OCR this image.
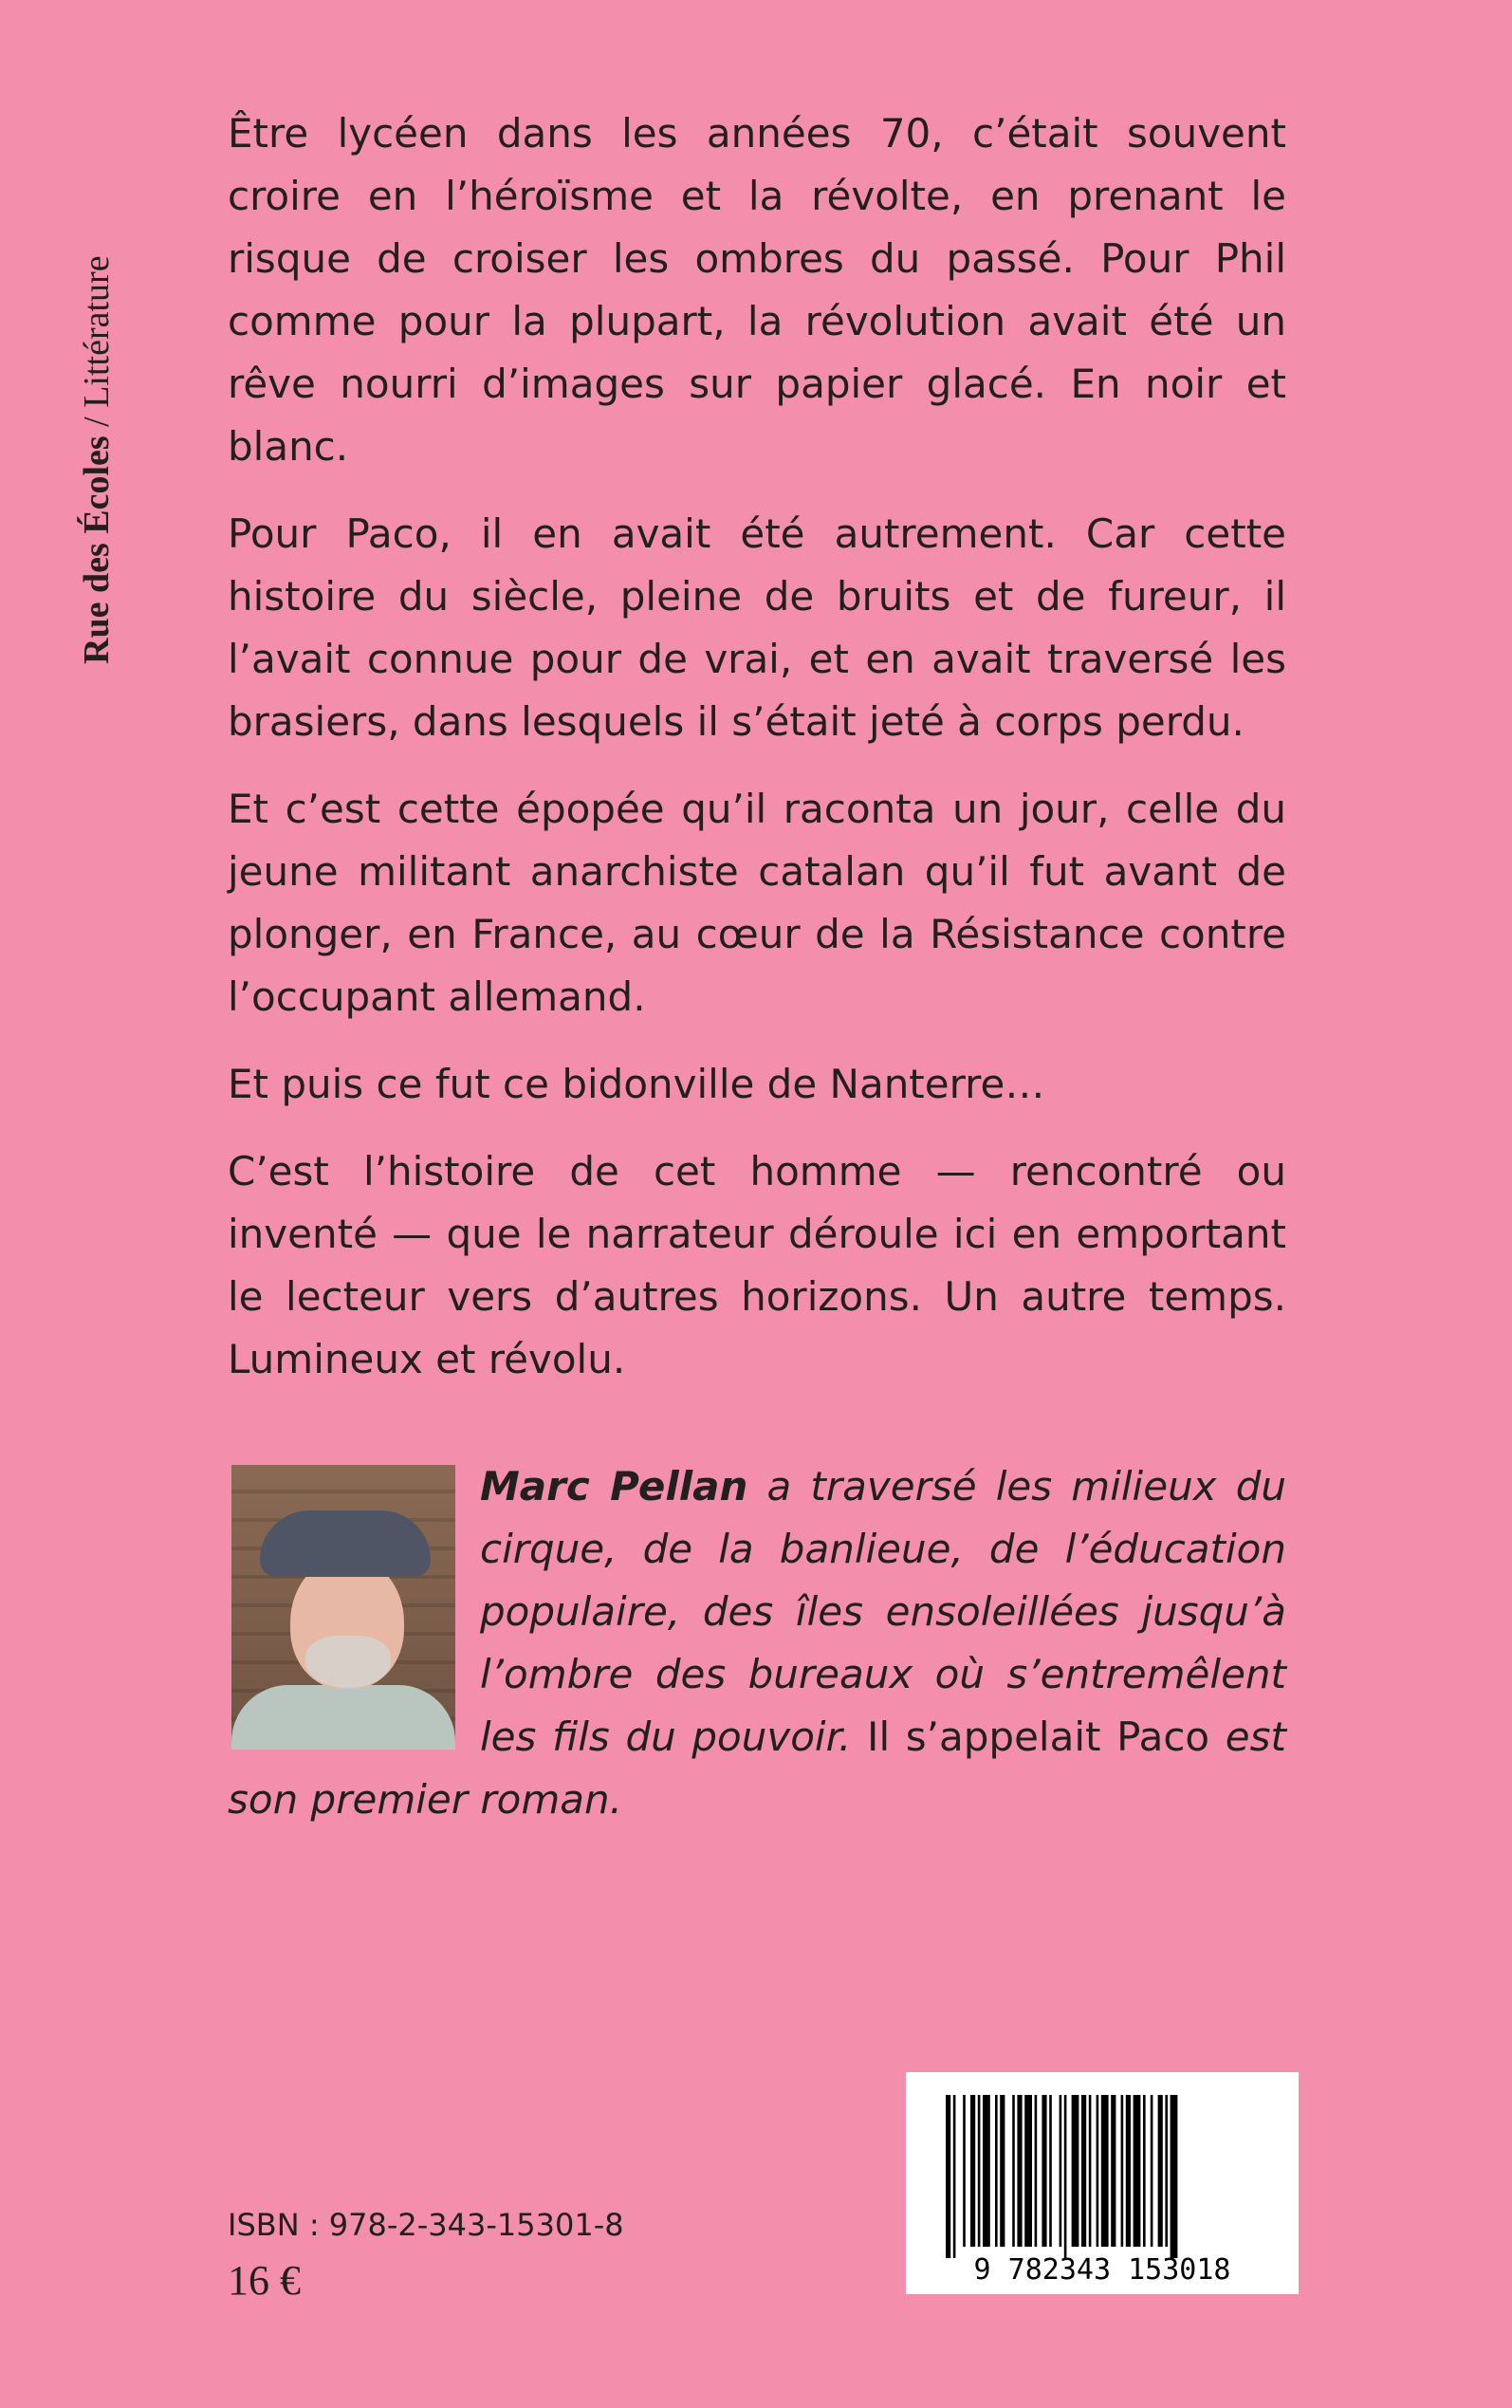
Rue des Écoles / Littérature

Être lycéen dans les années 70, c’était souvent croire en l’héroïsme et la révolte, en prenant le risque de croiser les ombres du passé. Pour Phil comme pour la plupart, la révolution avait été un rêve nourri d’images sur papier glacé. En noir et blanc.

Pour Paco, il en avait été autrement. Car cette histoire du siècle, pleine de bruits et de fureur, il l’avait connue pour de vrai, et en avait traversé les brasiers, dans lesquels il s’était jeté à corps perdu.

Et c’est cette épopée qu’il raconta un jour, celle du jeune militant anarchiste catalan qu’il fut avant de plonger, en France, au cœur de la Résistance contre l’occupant allemand.

Et puis ce fut ce bidonville de Nanterre…

C’est l’histoire de cet homme — rencontré ou inventé — que le narrateur déroule ici en emportant le lecteur vers d’autres horizons. Un autre temps. Lumineux et révolu.

Marc Pellan a traversé les milieux du cirque, de la banlieue, de l’éducation populaire, des îles ensoleillées jusqu’à l’ombre des bureaux où s’entremêlent les fils du pouvoir. Il s’appelait Paco est son premier roman.
ISBN : 978-2-343-15301-8
16 €	9 782343 153018
